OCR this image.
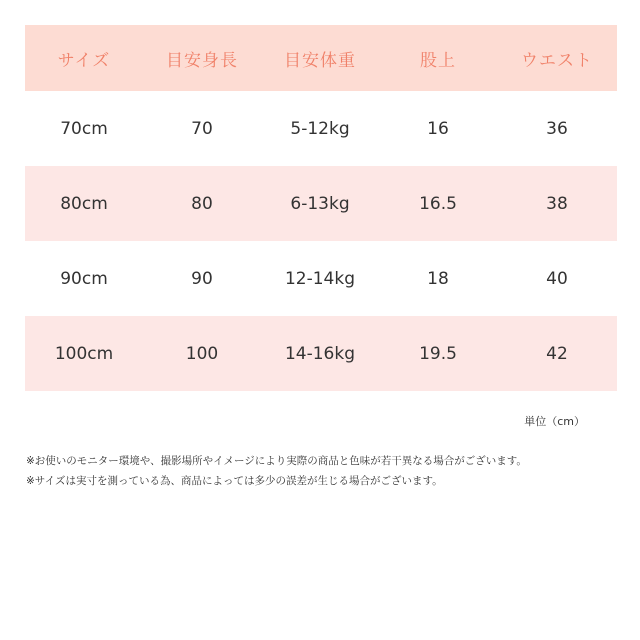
サイズ	目安身長	目安体重	股上	ウエスト
70cm	70	5-12kg	16	36
80cm	80	6-13kg	16.5	38
90cm	90	12-14kg	18	40
100cm	100	14-16kg	19.5	42
単位（cm）
※お使いのモニター環境や、撮影場所やイメージにより実際の商品と色味が若干異なる場合がございます。
※サイズは実寸を測っている為、商品によっては多少の誤差が生じる場合がございます。
